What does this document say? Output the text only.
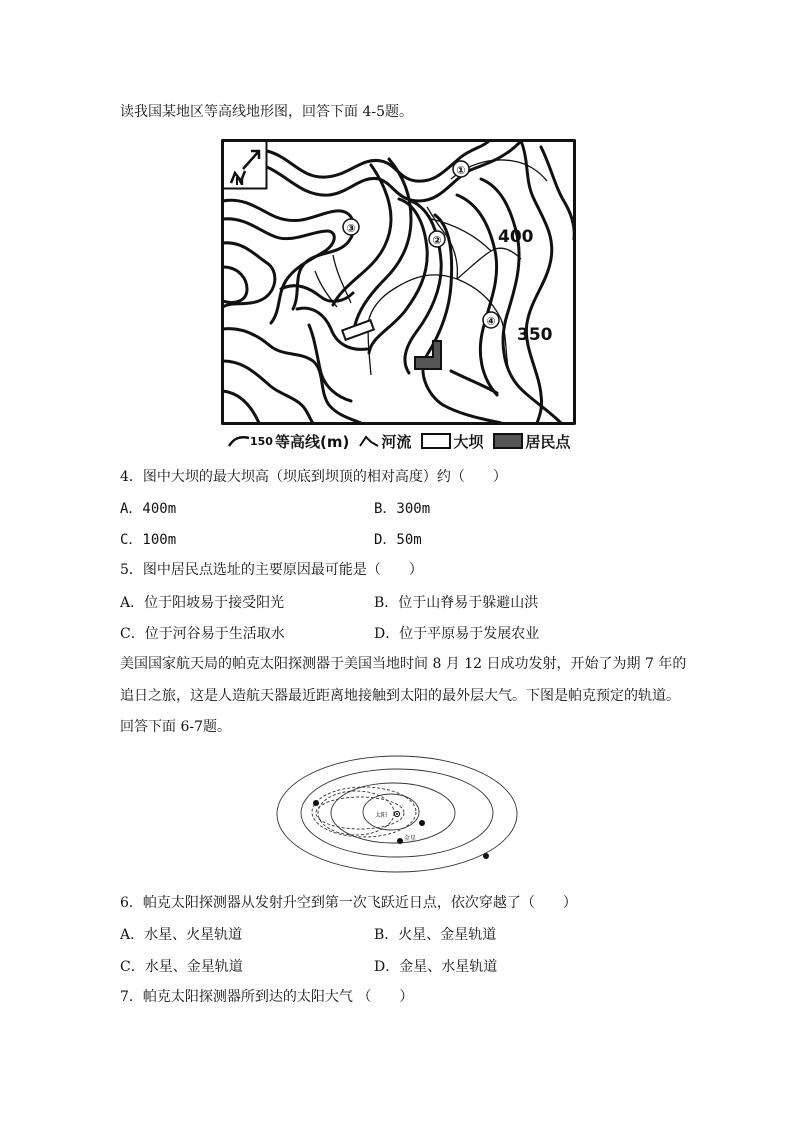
读我国某地区等高线地形图，回答下面 4-5题。
①
②
③
④
400
350
N
150 等高线(m) 河流	大坝	居民点
4．图中大坝的最大坝高（坝底到坝顶的相对高度）约（　　）
A．400m	B．300m
C．100m	D．50m
5．图中居民点选址的主要原因最可能是（　　）
A．位于阳坡易于接受阳光	B．位于山脊易于躲避山洪
C．位于河谷易于生活取水	D．位于平原易于发展农业
美国国家航天局的帕克太阳探测器于美国当地时间 8 月 12 日成功发射，开始了为期 7 年的
追日之旅，这是人造航天器最近距离地接触到太阳的最外层大气。下图是帕克预定的轨道。
回答下面 6-7题。
太阳
金星
6．帕克太阳探测器从发射升空到第一次飞跃近日点，依次穿越了（　　）
A．水星、火星轨道	B．火星、金星轨道
C．水星、金星轨道	D．金星、水星轨道
7．帕克太阳探测器所到达的太阳大气 （　　）
